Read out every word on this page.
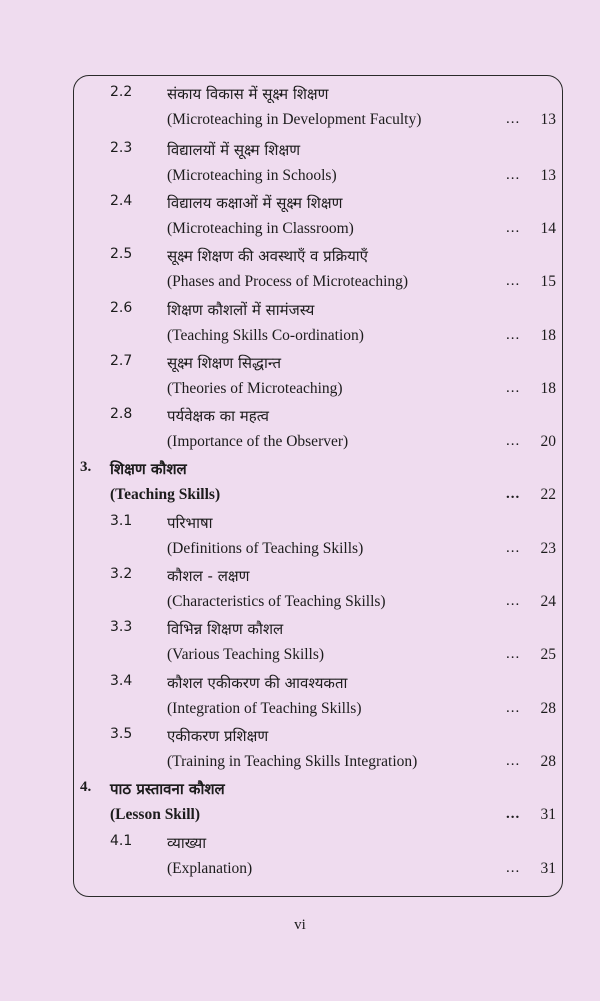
2.2 संकाय विकास में सूक्ष्म शिक्षण
(Microteaching in Development Faculty)	... 13
2.3 विद्यालयों में सूक्ष्म शिक्षण
(Microteaching in Schools)	... 13
2.4 विद्यालय कक्षाओं में सूक्ष्म शिक्षण
(Microteaching in Classroom)	... 14
2.5 सूक्ष्म शिक्षण की अवस्थाएँ व प्रक्रियाएँ
(Phases and Process of Microteaching)	... 15
2.6 शिक्षण कौशलों में सामंजस्य
(Teaching Skills Co-ordination)	... 18
2.7 सूक्ष्म शिक्षण सिद्धान्त
(Theories of Microteaching)	... 18
2.8 पर्यवेक्षक का महत्व
(Importance of the Observer)	... 20
3. शिक्षण कौशल
(Teaching Skills)	... 22
3.1 परिभाषा
(Definitions of Teaching Skills)	... 23
3.2 कौशल - लक्षण
(Characteristics of Teaching Skills)	... 24
3.3 विभिन्न शिक्षण कौशल
(Various Teaching Skills)	... 25
3.4 कौशल एकीकरण की आवश्यकता
(Integration of Teaching Skills)	... 28
3.5 एकीकरण प्रशिक्षण
(Training in Teaching Skills Integration)	... 28
4. पाठ प्रस्तावना कौशल
(Lesson Skill)	... 31
4.1 व्याख्या
(Explanation)	... 31
vi
